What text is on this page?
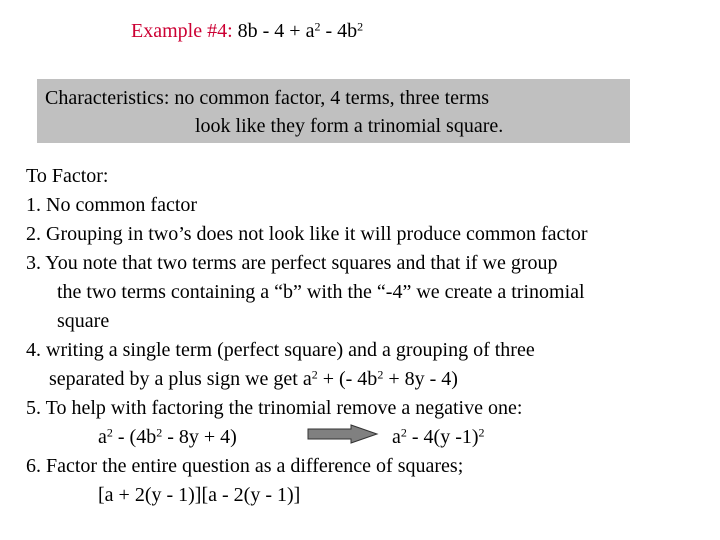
Example #4: $8b - 4 + a^2 - 4b^2$
Characteristics: no common factor, 4 terms, three terms
look like they form a trinomial square.
To Factor:
1. No common factor
2. Grouping in two’s does not look like it will produce common factor
3. You note that two terms are perfect squares and that if we group
the two terms containing a “b” with the “-4” we create a trinomial
square
4. writing a single term (perfect square) and a grouping of three
separated by a plus sign we get $a^2$ + (- $4b^2 + 8y - 4$)
5. To help with factoring the trinomial remove a negative one:
$a^2 - (4b^2 - 8y + 4)$	$a^2 - 4(y$ -1)$^2$
6. Factor the entire question as a difference of squares;
[a + 2(y - 1)][a - 2(y - 1)]
